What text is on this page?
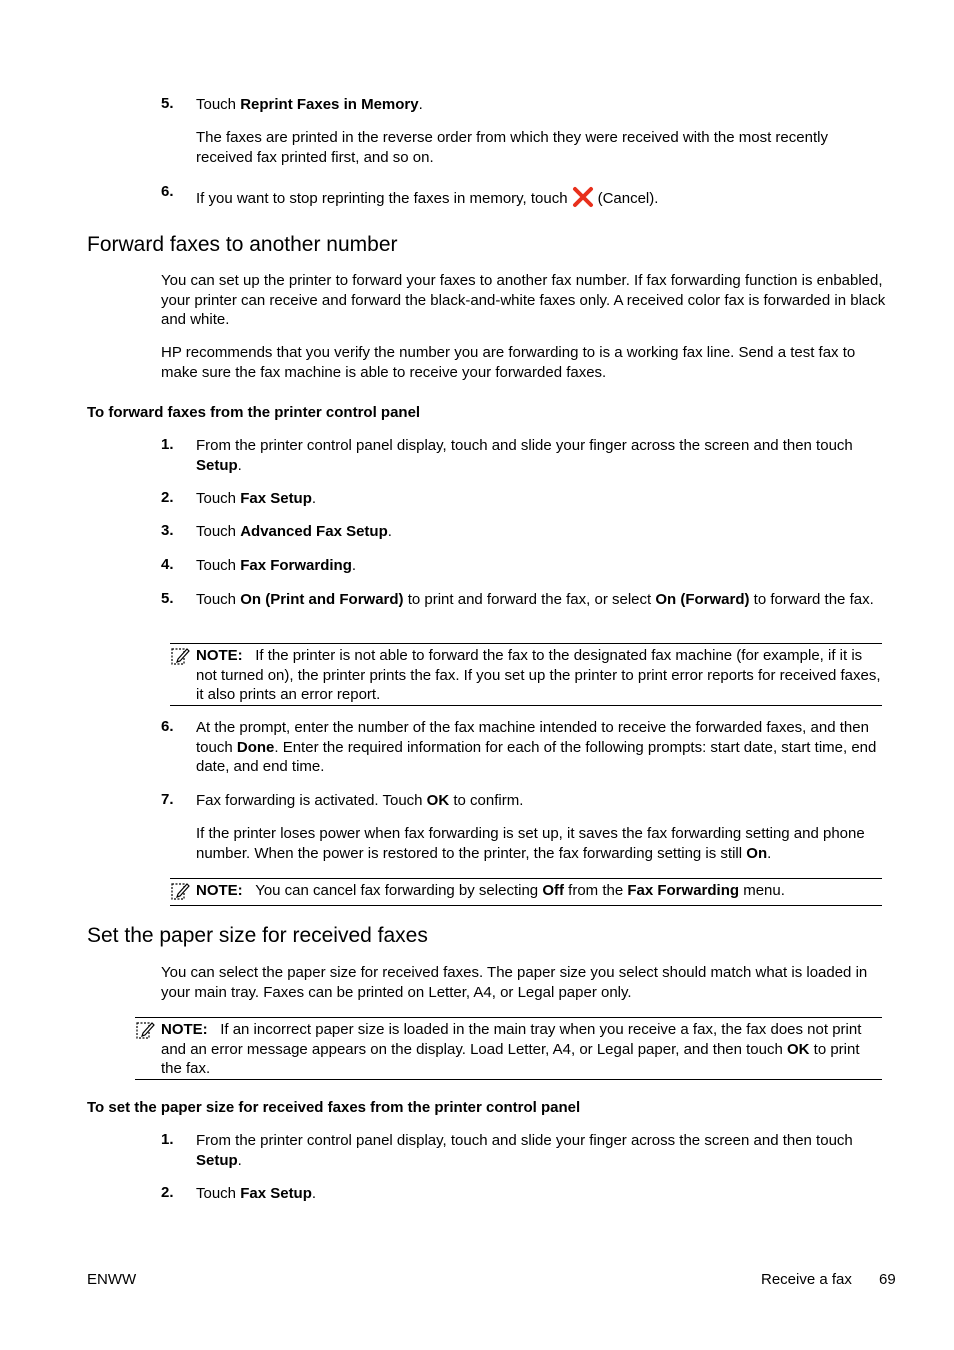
5. Touch Reprint Faxes in Memory.
The faxes are printed in the reverse order from which they were received with the most recently received fax printed first, and so on.
6. If you want to stop reprinting the faxes in memory, touch (Cancel).
Forward faxes to another number

You can set up the printer to forward your faxes to another fax number. If fax forwarding function is enbabled, your printer can receive and forward the black-and-white faxes only. A received color fax is forwarded in black and white.

HP recommends that you verify the number you are forwarding to is a working fax line. Send a test fax to make sure the fax machine is able to receive your forwarded faxes.

To forward faxes from the printer control panel
1. From the printer control panel display, touch and slide your finger across the screen and then touch Setup.
2. Touch Fax Setup.
3. Touch Advanced Fax Setup.
4. Touch Fax Forwarding.
5. Touch On (Print and Forward) to print and forward the fax, or select On (Forward) to forward the fax.
NOTE: If the printer is not able to forward the fax to the designated fax machine (for example, if it is not turned on), the printer prints the fax. If you set up the printer to print error reports for received faxes, it also prints an error report.
6. At the prompt, enter the number of the fax machine intended to receive the forwarded faxes, and then touch Done. Enter the required information for each of the following prompts: start date, start time, end date, and end time.
7. Fax forwarding is activated. Touch OK to confirm.
If the printer loses power when fax forwarding is set up, it saves the fax forwarding setting and phone number. When the power is restored to the printer, the fax forwarding setting is still On.
NOTE: You can cancel fax forwarding by selecting Off from the Fax Forwarding menu.
Set the paper size for received faxes

You can select the paper size for received faxes. The paper size you select should match what is loaded in your main tray. Faxes can be printed on Letter, A4, or Legal paper only.

NOTE: If an incorrect paper size is loaded in the main tray when you receive a fax, the fax does not print and an error message appears on the display. Load Letter, A4, or Legal paper, and then touch OK to print the fax.
To set the paper size for received faxes from the printer control panel
1. From the printer control panel display, touch and slide your finger across the screen and then touch Setup.
2. Touch Fax Setup.
ENWW	Receive a fax 69
